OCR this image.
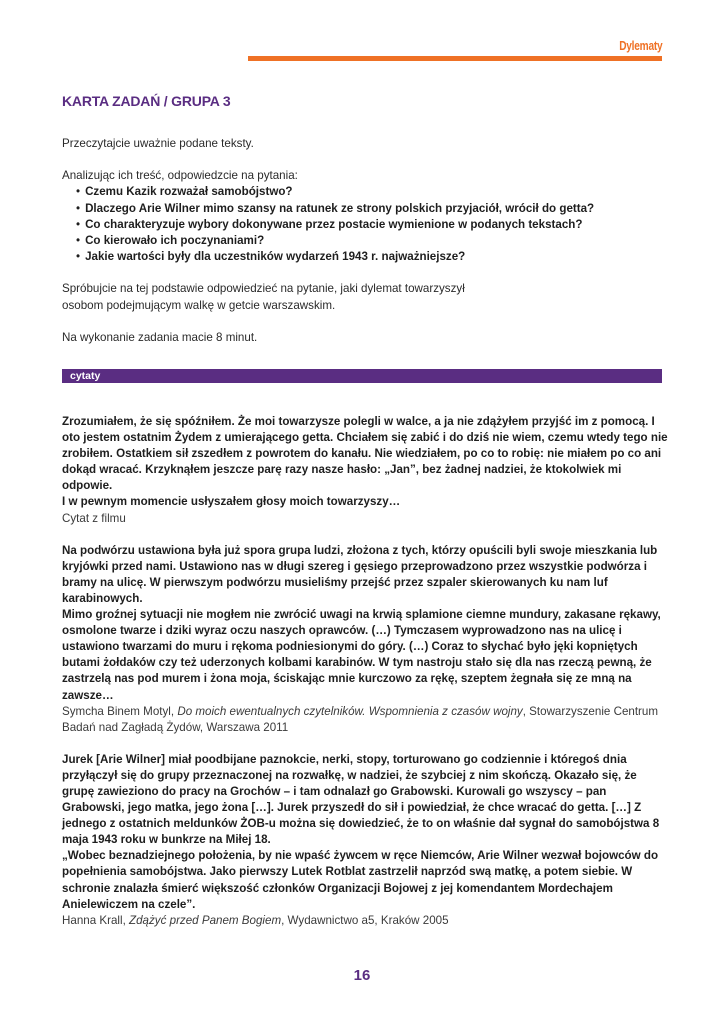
Dylematy
KARTA ZADAŃ / GRUPA 3

Przeczytajcie uważnie podane teksty.

Analizując ich treść, odpowiedzcie na pytania:

• Czemu Kazik rozważał samobójstwo?
• Dlaczego Arie Wilner mimo szansy na ratunek ze strony polskich przyjaciół, wrócił do getta?
• Co charakteryzuje wybory dokonywane przez postacie wymienione w podanych tekstach?
• Co kierowało ich poczynaniami?
• Jakie wartości były dla uczestników wydarzeń 1943 r. najważniejsze?

Spróbujcie na tej podstawie odpowiedzieć na pytanie, jaki dylemat towarzyszył

osobom podejmującym walkę w getcie warszawskim.

Na wykonanie zadania macie 8 minut.

cytaty

Zrozumiałem, że się spóźniłem. Że moi towarzysze polegli w walce, a ja nie zdążyłem przyjść im z pomocą. I oto jestem ostatnim Żydem z umierającego getta. Chciałem się zabić i do dziś nie wiem, czemu wtedy tego nie zrobiłem. Ostatkiem sił zszedłem z powrotem do kanału. Nie wiedziałem, po co to robię: nie miałem po co ani dokąd wracać. Krzyknąłem jeszcze parę razy nasze hasło: „Jan”, bez żadnej nadziei, że ktokolwiek mi odpowie.

I w pewnym momencie usłyszałem głosy moich towarzyszy…

Cytat z filmu

Na podwórzu ustawiona była już spora grupa ludzi, złożona z tych, którzy opuścili byli swoje mieszkania lub kryjówki przed nami. Ustawiono nas w długi szereg i gęsiego przeprowadzono przez wszystkie podwórza i bramy na ulicę. W pierwszym podwórzu musieliśmy przejść przez szpaler skierowanych ku nam luf karabinowych.

Mimo groźnej sytuacji nie mogłem nie zwrócić uwagi na krwią splamione ciemne mundury, zakasane rękawy, osmolone twarze i dziki wyraz oczu naszych oprawców. (…) Tymczasem wyprowadzono nas na ulicę i ustawiono twarzami do muru i rękoma podniesionymi do góry. (…) Coraz to słychać było jęki kopniętych butami żołdaków czy też uderzonych kolbami karabinów. W tym nastroju stało się dla nas rzeczą pewną, że zastrzelą nas pod murem i żona moja, ściskając mnie kurczowo za rękę, szeptem żegnała się ze mną na zawsze…

Symcha Binem Motyl, Do moich ewentualnych czytelników. Wspomnienia z czasów wojny, Stowarzyszenie Centrum Badań nad Zagładą Żydów, Warszawa 2011

Jurek [Arie Wilner] miał poodbijane paznokcie, nerki, stopy, torturowano go codziennie i któregoś dnia przyłączył się do grupy przeznaczonej na rozwałkę, w nadziei, że szybciej z nim skończą. Okazało się, że grupę zawieziono do pracy na Grochów – i tam odnalazł go Grabowski. Kurowali go wszyscy – pan Grabowski, jego matka, jego żona […]. Jurek przyszedł do sił i powiedział, że chce wracać do getta. […] Z jednego z ostatnich meldunków ŻOB-u można się dowiedzieć, że to on właśnie dał sygnał do samobójstwa 8 maja 1943 roku w bunkrze na Miłej 18.

„Wobec beznadziejnego położenia, by nie wpaść żywcem w ręce Niemców, Arie Wilner wezwał bojowców do popełnienia samobójstwa. Jako pierwszy Lutek Rotblat zastrzelił naprzód swą matkę, a potem siebie. W schronie znalazła śmierć większość członków Organizacji Bojowej z jej komendantem Mordechajem Anielewiczem na czele”.

Hanna Krall, Zdążyć przed Panem Bogiem, Wydawnictwo a5, Kraków 2005

16
